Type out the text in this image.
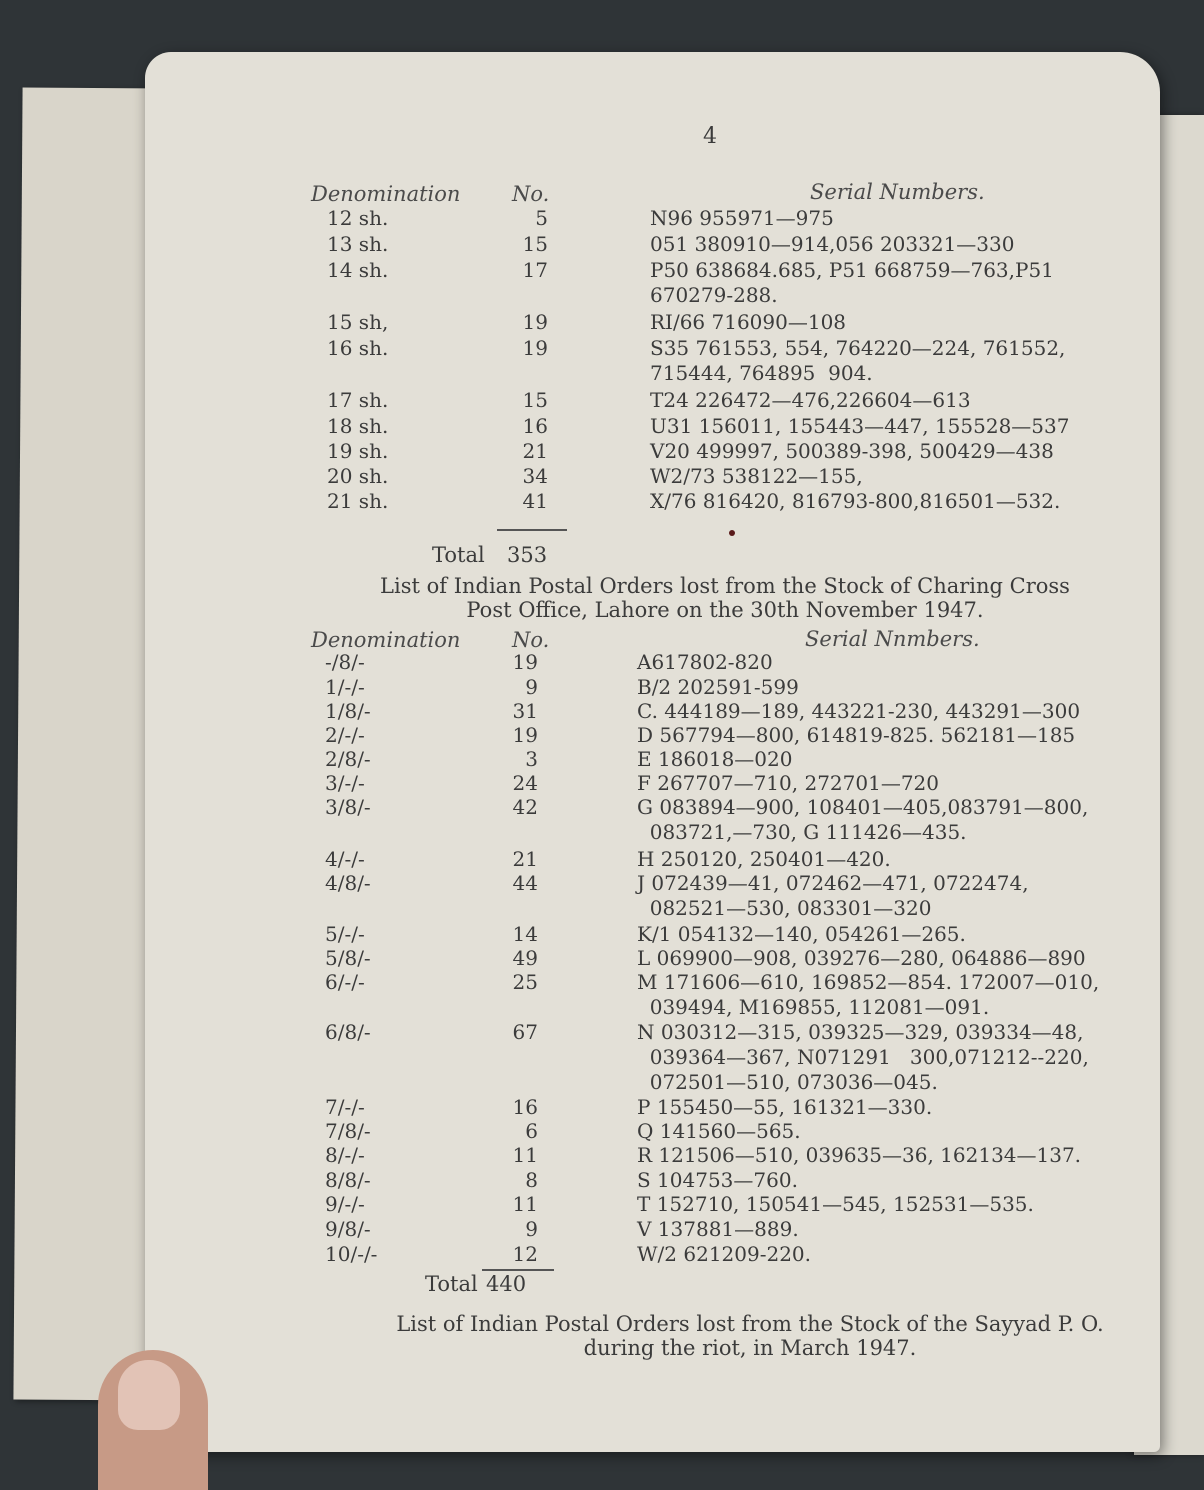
4
Denomination No.	Serial Numbers.
12 sh.	5	N96 955971—975
13 sh.	15	051 380910—914,056 203321—330
14 sh.	17	P50 638684.685, P51 668759—763,P51
670279-288.
15 sh,	19	RI/66 716090—108
16 sh.	19	S35 761553, 554, 764220—224, 761552,
715444, 764895  904.
17 sh.	15	T24 226472—476,226604—613
18 sh.	16	U31 156011, 155443—447, 155528—537
19 sh.	21	V20 499997, 500389-398, 500429—438
20 sh.	34	W2/73 538122—155,
21 sh.	41	X/76 816420, 816793-800,816501—532.
Total 353
List of Indian Postal Orders lost from the Stock of Charing Cross
Post Office, Lahore on the 30th November 1947.
Denomination No.	Serial Nnmbers.
-/8/-	19	A617802-820
1/-/-	9	B/2 202591-599
1/8/-	31	C. 444189—189, 443221-230, 443291—300
2/-/-	19	D 567794—800, 614819-825. 562181—185
2/8/-	3	E 186018—020
3/-/-	24	F 267707—710, 272701—720
3/8/-	42	G 083894—900, 108401—405,083791—800,
083721,—730, G 111426—435.
4/-/-	21	H 250120, 250401—420.
4/8/-	44	J 072439—41, 072462—471, 0722474,
082521—530, 083301—320
5/-/-	14	K/1 054132—140, 054261—265.
5/8/-	49	L 069900—908, 039276—280, 064886—890
6/-/-	25	M 171606—610, 169852—854. 172007—010,
039494, M169855, 112081—091.
6/8/-	67	N 030312—315, 039325—329, 039334—48,
039364—367, N071291   300,071212--220,
072501—510, 073036—045.
7/-/-	16	P 155450—55, 161321—330.
7/8/-	6	Q 141560—565.
8/-/-	11	R 121506—510, 039635—36, 162134—137.
8/8/-	8	S 104753—760.
9/-/-	11	T 152710, 150541—545, 152531—535.
9/8/-	9	V 137881—889.
10/-/-	12	W/2 621209-220.
Total 440
List of Indian Postal Orders lost from the Stock of the Sayyad P. O.
during the riot, in March 1947.
